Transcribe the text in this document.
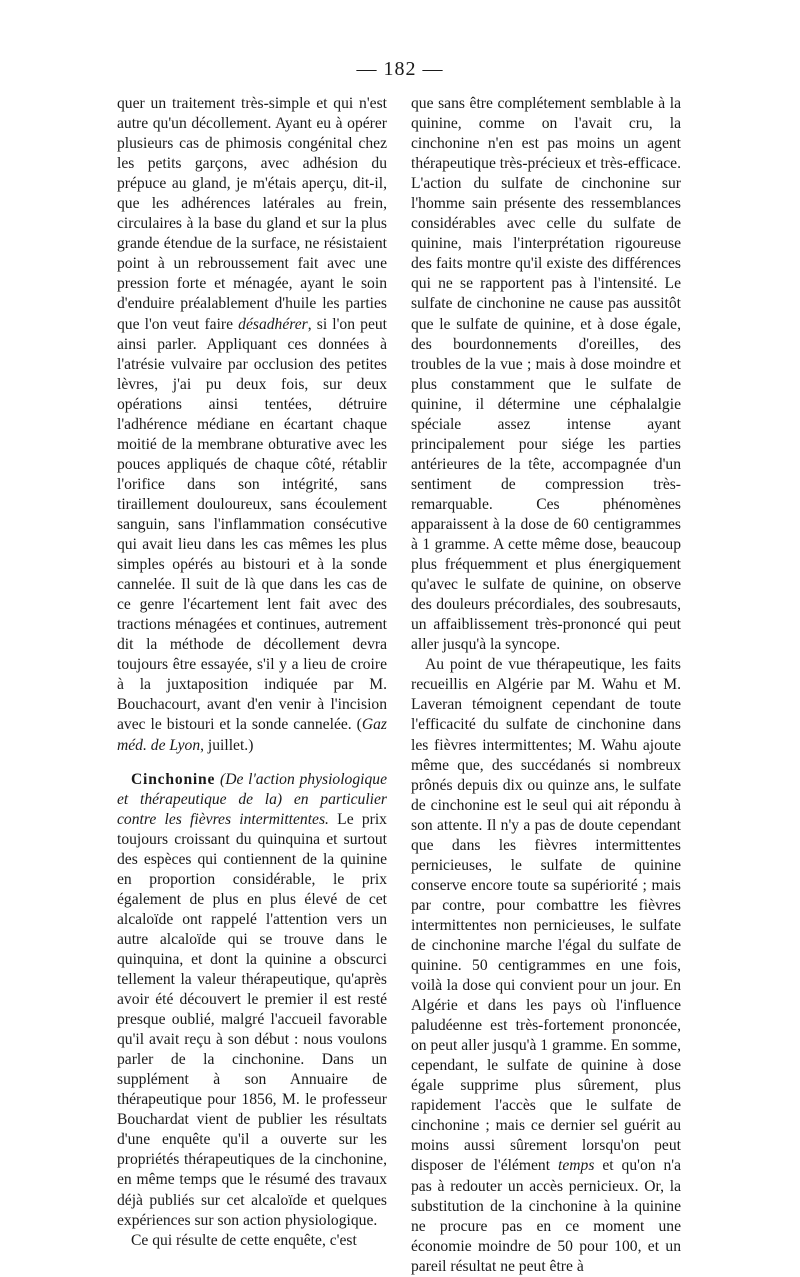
— 182 —

quer un traitement très-simple et qui n'est autre qu'un décollement. Ayant eu à opérer plusieurs cas de phimosis congénital chez les petits garçons, avec adhésion du prépuce au gland, je m'étais aperçu, dit-il, que les adhérences latérales au frein, circulaires à la base du gland et sur la plus grande étendue de la surface, ne résistaient point à un rebroussement fait avec une pression forte et ménagée, ayant le soin d'enduire préalablement d'huile les parties que l'on veut faire désadhérer, si l'on peut ainsi parler. Appliquant ces données à l'atrésie vulvaire par occlusion des petites lèvres, j'ai pu deux fois, sur deux opérations ainsi tentées, détruire l'adhérence médiane en écartant chaque moitié de la membrane obturative avec les pouces appliqués de chaque côté, rétablir l'orifice dans son intégrité, sans tiraillement douloureux, sans écoulement sanguin, sans l'inflammation consécutive qui avait lieu dans les cas mêmes les plus simples opérés au bistouri et à la sonde cannelée. Il suit de là que dans les cas de ce genre l'écartement lent fait avec des tractions ménagées et continues, autrement dit la méthode de décollement devra toujours être essayée, s'il y a lieu de croire à la juxtaposition indiquée par M. Bouchacourt, avant d'en venir à l'incision avec le bistouri et la sonde cannelée. (Gaz méd. de Lyon, juillet.)

Cinchonine (De l'action physiologique et thérapeutique de la) en particulier contre les fièvres intermittentes. Le prix toujours croissant du quinquina et surtout des espèces qui contiennent de la quinine en proportion considérable, le prix également de plus en plus élevé de cet alcaloïde ont rappelé l'attention vers un autre alcaloïde qui se trouve dans le quinquina, et dont la quinine a obscurci tellement la valeur thérapeutique, qu'après avoir été découvert le premier il est resté presque oublié, malgré l'accueil favorable qu'il avait reçu à son début : nous voulons parler de la cinchonine. Dans un supplément à son Annuaire de thérapeutique pour 1856, M. le professeur Bouchardat vient de publier les résultats d'une enquête qu'il a ouverte sur les propriétés thérapeutiques de la cinchonine, en même temps que le résumé des travaux déjà publiés sur cet alcaloïde et quelques expériences sur son action physiologique.

Ce qui résulte de cette enquête, c'est

que sans être complétement semblable à la quinine, comme on l'avait cru, la cinchonine n'en est pas moins un agent thérapeutique très-précieux et très-efficace. L'action du sulfate de cinchonine sur l'homme sain présente des ressemblances considérables avec celle du sulfate de quinine, mais l'interprétation rigoureuse des faits montre qu'il existe des différences qui ne se rapportent pas à l'intensité. Le sulfate de cinchonine ne cause pas aussitôt que le sulfate de quinine, et à dose égale, des bourdonnements d'oreilles, des troubles de la vue ; mais à dose moindre et plus constamment que le sulfate de quinine, il détermine une céphalalgie spéciale assez intense ayant principalement pour siége les parties antérieures de la tête, accompagnée d'un sentiment de compression très-remarquable. Ces phénomènes apparaissent à la dose de 60 centigrammes à 1 gramme. A cette même dose, beaucoup plus fréquemment et plus énergiquement qu'avec le sulfate de quinine, on observe des douleurs précordiales, des soubresauts, un affaiblissement très-prononcé qui peut aller jusqu'à la syncope.

Au point de vue thérapeutique, les faits recueillis en Algérie par M. Wahu et M. Laveran témoignent cependant de toute l'efficacité du sulfate de cinchonine dans les fièvres intermittentes; M. Wahu ajoute même que, des succédanés si nombreux prônés depuis dix ou quinze ans, le sulfate de cinchonine est le seul qui ait répondu à son attente. Il n'y a pas de doute cependant que dans les fièvres intermittentes pernicieuses, le sulfate de quinine conserve encore toute sa supériorité ; mais par contre, pour combattre les fièvres intermittentes non pernicieuses, le sulfate de cinchonine marche l'égal du sulfate de quinine. 50 centigrammes en une fois, voilà la dose qui convient pour un jour. En Algérie et dans les pays où l'influence paludéenne est très-fortement prononcée, on peut aller jusqu'à 1 gramme. En somme, cependant, le sulfate de quinine à dose égale supprime plus sûrement, plus rapidement l'accès que le sulfate de cinchonine ; mais ce dernier sel guérit au moins aussi sûrement lorsqu'on peut disposer de l'élément temps et qu'on n'a pas à redouter un accès pernicieux. Or, la substitution de la cinchonine à la quinine ne procure pas en ce moment une économie moindre de 50 pour 100, et un pareil résultat ne peut être à
